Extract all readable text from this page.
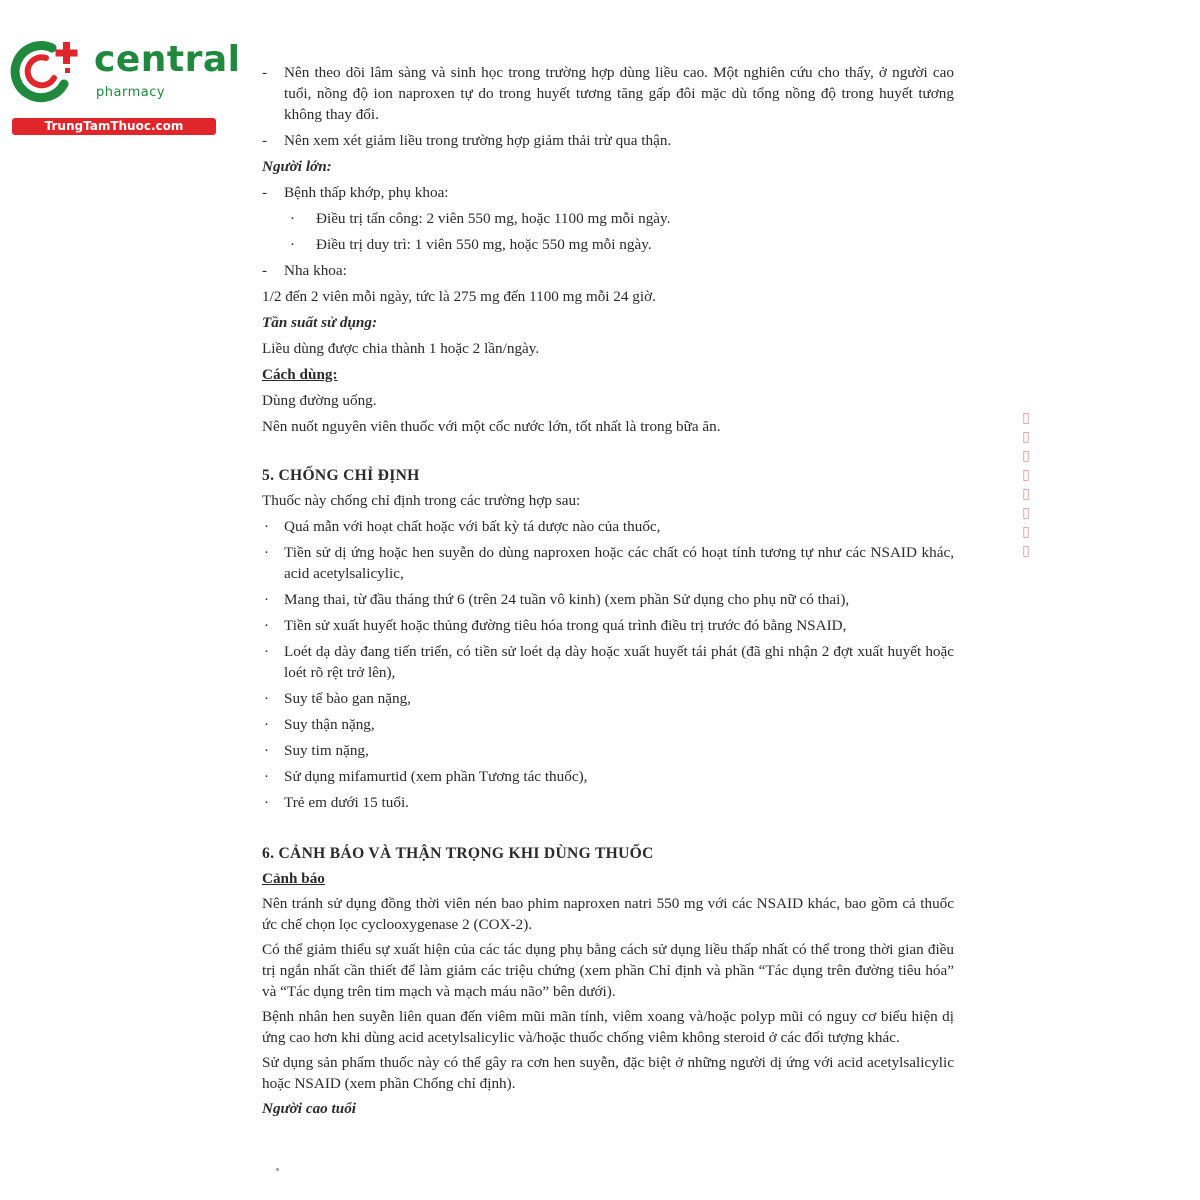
central
pharmacy
TrungTamThuoc.com

- Nên theo dõi lâm sàng và sinh học trong trường hợp dùng liều cao. Một nghiên cứu cho thấy, ở người cao tuổi, nồng độ ion naproxen tự do trong huyết tương tăng gấp đôi mặc dù tổng nồng độ trong huyết tương không thay đổi.

- Nên xem xét giảm liều trong trường hợp giảm thải trừ qua thận.

Người lớn:

- Bệnh thấp khớp, phụ khoa:

· Điều trị tấn công: 2 viên 550 mg, hoặc 1100 mg mỗi ngày.

· Điều trị duy trì: 1 viên 550 mg, hoặc 550 mg mỗi ngày.

- Nha khoa:

1/2 đến 2 viên mỗi ngày, tức là 275 mg đến 1100 mg mỗi 24 giờ.

Tần suất sử dụng:

Liều dùng được chia thành 1 hoặc 2 lần/ngày.

Cách dùng:

Dùng đường uống.

Nên nuốt nguyên viên thuốc với một cốc nước lớn, tốt nhất là trong bữa ăn.

5. CHỐNG CHỈ ĐỊNH

Thuốc này chống chỉ định trong các trường hợp sau:

· Quá mẫn với hoạt chất hoặc với bất kỳ tá dược nào của thuốc,

· Tiền sử dị ứng hoặc hen suyễn do dùng naproxen hoặc các chất có hoạt tính tương tự như các NSAID khác, acid acetylsalicylic,

· Mang thai, từ đầu tháng thứ 6 (trên 24 tuần vô kinh) (xem phần Sử dụng cho phụ nữ có thai),

· Tiền sử xuất huyết hoặc thủng đường tiêu hóa trong quá trình điều trị trước đó bằng NSAID,

· Loét dạ dày đang tiến triển, có tiền sử loét dạ dày hoặc xuất huyết tái phát (đã ghi nhận 2 đợt xuất huyết hoặc loét rõ rệt trở lên),

· Suy tế bào gan nặng,

· Suy thận nặng,

· Suy tim nặng,

· Sử dụng mifamurtid (xem phần Tương tác thuốc),

· Trẻ em dưới 15 tuổi.

6. CẢNH BÁO VÀ THẬN TRỌNG KHI DÙNG THUỐC

Cảnh báo

Nên tránh sử dụng đồng thời viên nén bao phim naproxen natri 550 mg với các NSAID khác, bao gồm cả thuốc ức chế chọn lọc cyclooxygenase 2 (COX-2).

Có thể giảm thiểu sự xuất hiện của các tác dụng phụ bằng cách sử dụng liều thấp nhất có thể trong thời gian điều trị ngắn nhất cần thiết để làm giảm các triệu chứng (xem phần Chỉ định và phần “Tác dụng trên đường tiêu hóa” và “Tác dụng trên tim mạch và mạch máu não” bên dưới).

Bệnh nhân hen suyễn liên quan đến viêm mũi mãn tính, viêm xoang và/hoặc polyp mũi có nguy cơ biểu hiện dị ứng cao hơn khi dùng acid acetylsalicylic và/hoặc thuốc chống viêm không steroid ở các đối tượng khác.

Sử dụng sản phẩm thuốc này có thể gây ra cơn hen suyễn, đặc biệt ở những người dị ứng với acid acetylsalicylic hoặc NSAID (xem phần Chống chỉ định).

Người cao tuổi

▯▯▯▯▯▯▯▯
